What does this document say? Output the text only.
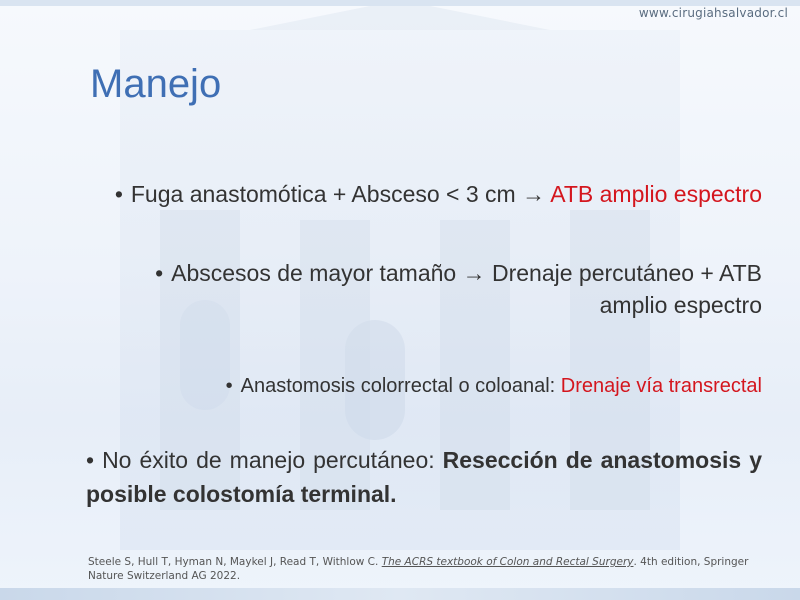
www.cirugiahsalvador.cl
Manejo
• Fuga anastomótica + Absceso < 3 cm → ATB amplio espectro
• Abscesos de mayor tamaño → Drenaje percutáneo + ATB amplio espectro
• Anastomosis colorrectal o coloanal: Drenaje vía transrectal
• No éxito de manejo percutáneo: Resección de anastomosis y posible colostomía terminal.
Steele S, Hull T, Hyman N, Maykel J, Read T, Withlow C. The ACRS textbook of Colon and Rectal Surgery. 4th edition, Springer Nature Switzerland AG 2022.
